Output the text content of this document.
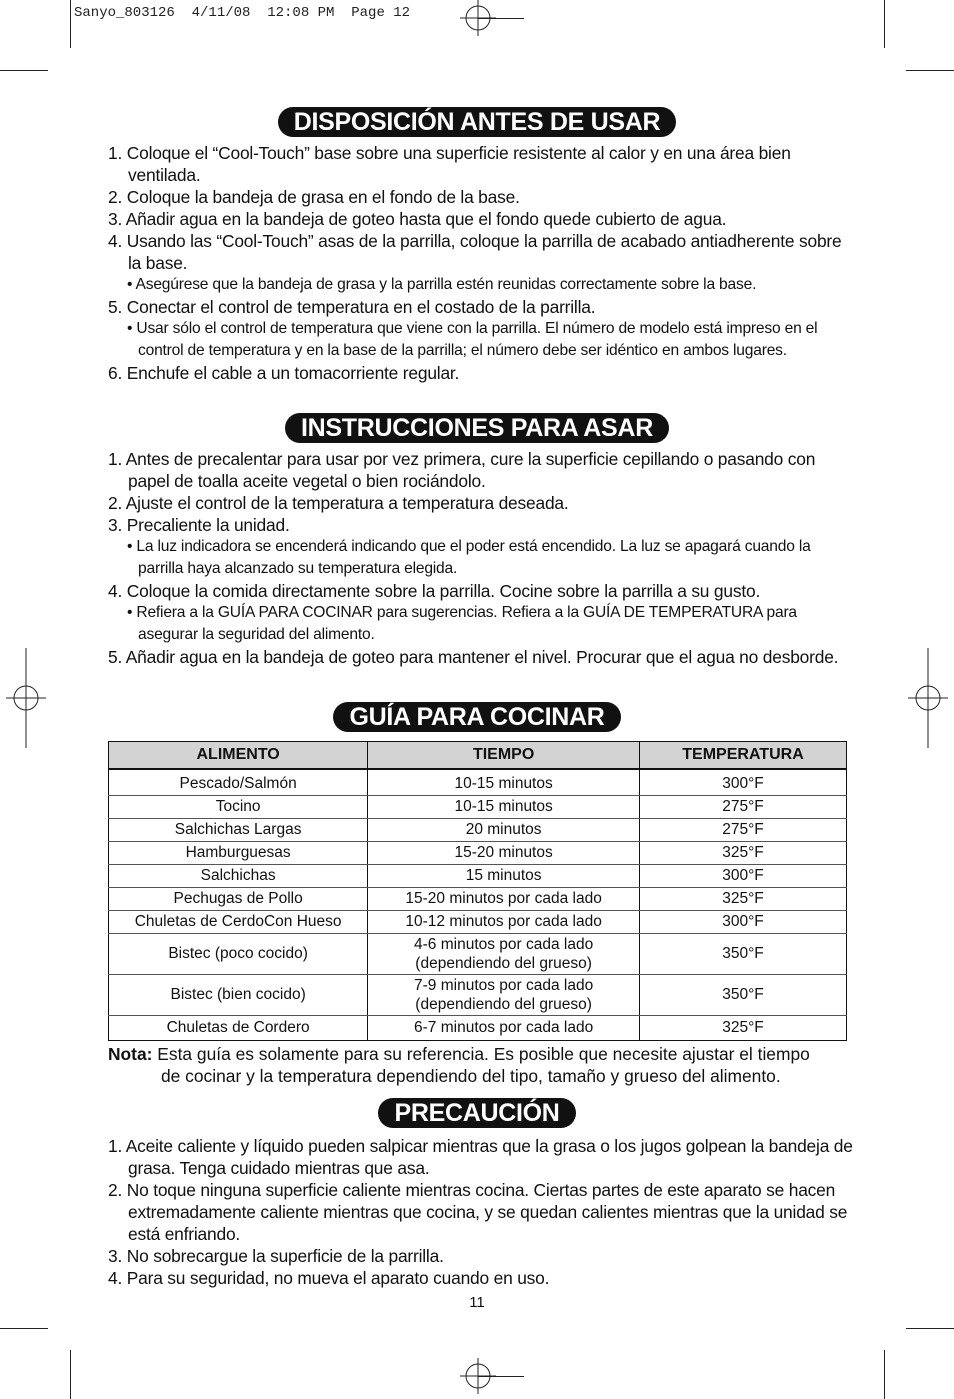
Sanyo_803126  4/11/08  12:08 PM  Page 12
DISPOSICIÓN ANTES DE USAR
1. Coloque el “Cool-Touch” base sobre una superficie resistente al calor y en una área bien ventilada.
2. Coloque la bandeja de grasa en el fondo de la base.
3. Añadir agua en la bandeja de goteo hasta que el fondo quede cubierto de agua.
4. Usando las “Cool-Touch” asas de la parrilla, coloque la parrilla de acabado antiadherente sobre la base.
• Asegúrese que la bandeja de grasa y la parrilla estén reunidas correctamente sobre la base.
5. Conectar el control de temperatura en el costado de la parrilla.
• Usar sólo el control de temperatura que viene con la parrilla. El número de modelo está impreso en el control de temperatura y en la base de la parrilla; el número debe ser idéntico en ambos lugares.
6. Enchufe el cable a un tomacorriente regular.
INSTRUCCIONES PARA ASAR
1. Antes de precalentar para usar por vez primera, cure la superficie cepillando o pasando con papel de toalla aceite vegetal o bien rociándolo.
2. Ajuste el control de la temperatura a temperatura deseada.
3. Precaliente la unidad.
• La luz indicadora se encenderá indicando que el poder está encendido. La luz se apagará cuando la parrilla haya alcanzado su temperatura elegida.
4. Coloque la comida directamente sobre la parrilla. Cocine sobre la parrilla a su gusto.
• Refiera a la GUÍA PARA COCINAR para sugerencias. Refiera a la GUÍA DE TEMPERATURA para asegurar la seguridad del alimento.
5. Añadir agua en la bandeja de goteo para mantener el nivel. Procurar que el agua no desborde.
GUÍA PARA COCINAR
ALIMENTO	TIEMPO	TEMPERATURA

Pescado/Salmón	10-15 minutos	300°F
Tocino	10-15 minutos	275°F
Salchichas Largas	20 minutos	275°F
Hamburguesas	15-20 minutos	325°F
Salchichas	15 minutos	300°F
Pechugas de Pollo	15-20 minutos por cada lado	325°F
Chuletas de CerdoCon Hueso	10-12 minutos por cada lado	300°F
Bistec (poco cocido)	4-6 minutos por cada lado (dependiendo del grueso)	350°F
Bistec (bien cocido)	7-9 minutos por cada lado (dependiendo del grueso)	350°F
Chuletas de Cordero	6-7 minutos por cada lado	325°F
Nota: Esta guía es solamente para su referencia. Es posible que necesite ajustar el tiempo
de cocinar y la temperatura dependiendo del tipo, tamaño y grueso del alimento.
PRECAUCIÓN
1. Aceite caliente y líquido pueden salpicar mientras que la grasa o los jugos golpean la bandeja de grasa. Tenga cuidado mientras que asa.
2. No toque ninguna superficie caliente mientras cocina. Ciertas partes de este aparato se hacen extremadamente caliente mientras que cocina, y se quedan calientes mientras que la unidad se está enfriando.
3. No sobrecargue la superficie de la parrilla.
4. Para su seguridad, no mueva el aparato cuando en uso.
11
